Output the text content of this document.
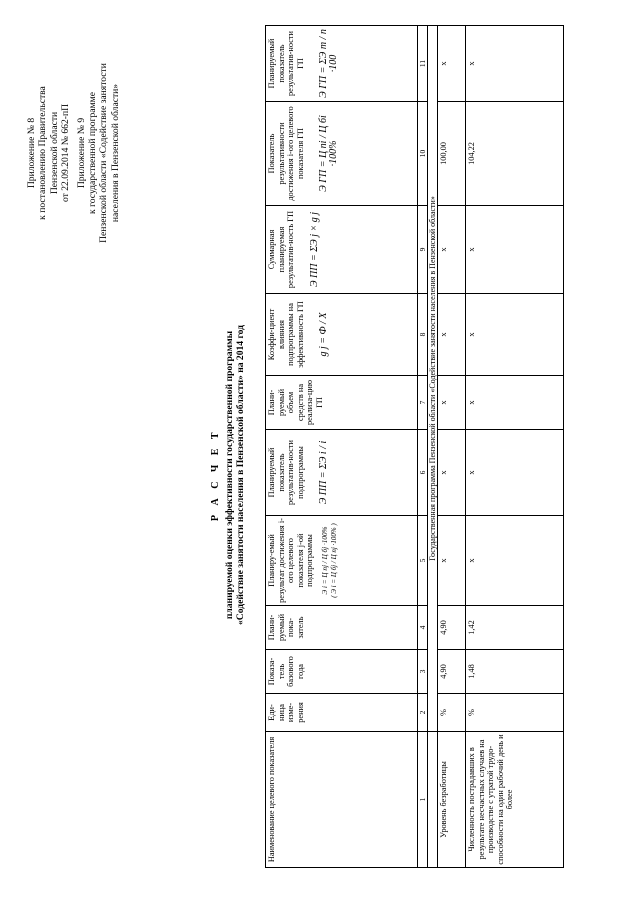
Приложение № 8 к постановлению Правительства Пензенской области от 22.09.2014 № 662-пП Приложение № 9 к государственной программе Пензенской области «Содействие занятости населения в Пензенской области»
Р А С Ч Е Т планируемой оценки эффективности государственной программы «Содействие занятости населения в Пензенской области» на 2014 год
Наименование целевого показателя	Еди-ница изме-рения	Показа-тель базового года	Плани-руемый пока-затель	Планиру-емый результат достижения i-ого целевого показателя j-ой подпрограммы Э i = Ц пj / Ц бj ·100% ( Э i = Ц бj / Ц пj ·100% )	Планируемый показатель результатив-ности подпрограммы Э ПП = ΣЭ i / i	Плани-руемый объем средств на реализа-цию ГП	Коэффи-циент влияния подпрограммы на эффективность ГП g j = Ф / Х	Суммарная планируемая результатив-ность ГП Э ПП = ΣЭ j × g j	Показатель результативности достижения i-ого целевого показателя ГП Э ГП = Ц пi / Ц бi ·100%	Планируемый показатель результатив-ности ГП Э ГП = ΣЭ m / n ·100

1	2	3	4	5	6	7	8	9	10	11
	Государственная программа Пензенской области «Содействие занятости населения в Пензенской области»									
Уровень безработицы	%	4,90	4,90	х	х	х	х	х	100,00	х
Численность пострадавших в результате несчастных случаев на производстве с утратой трудо-способности на один рабочий день и более	%	1,48	1,42	х	х	х	х	х	104,22	х
